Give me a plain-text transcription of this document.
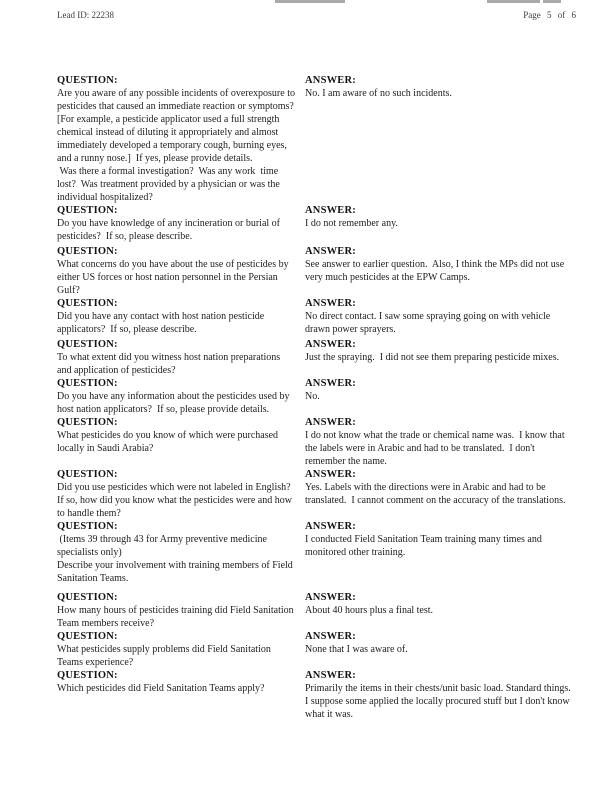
Lead ID: 22238	Page 5 of 6
QUESTION:

Are you aware of any possible incidents of overexposure to pesticides that caused an immediate reaction or symptoms?  [For example, a pesticide applicator used a full strength chemical instead of diluting it appropriately and almost immediately developed a temporary cough, burning eyes, and a runny nose.]  If yes, please provide details.

Was there a formal investigation?  Was any work  time lost?  Was treatment provided by a physician or was the individual hospitalized?

ANSWER:

No. I am aware of no such incidents.

QUESTION:

Do you have knowledge of any incineration or burial of pesticides?  If so, please describe.

ANSWER:

I do not remember any.

QUESTION:

What concerns do you have about the use of pesticides by either US forces or host nation personnel in the Persian Gulf?

ANSWER:

See answer to earlier question.  Also, I think the MPs did not use very much pesticides at the EPW Camps.

QUESTION:

Did you have any contact with host nation pesticide applicators?  If so, please describe.

ANSWER:

No direct contact. I saw some spraying going on with vehicle drawn power sprayers.

QUESTION:

To what extent did you witness host nation preparations and application of pesticides?

ANSWER:

Just the spraying.  I did not see them preparing pesticide mixes.

QUESTION:

Do you have any information about the pesticides used by host nation applicators?  If so, please provide details.

ANSWER:

No.

QUESTION:

What pesticides do you know of which were purchased locally in Saudi Arabia?

ANSWER:

I do not know what the trade or chemical name was.  I know that the labels were in Arabic and had to be translated.  I don't remember the name.

QUESTION:

Did you use pesticides which were not labeled in English?  If so, how did you know what the pesticides were and how to handle them?

ANSWER:

Yes. Labels with the directions were in Arabic and had to be translated.  I cannot comment on the accuracy of the translations.

QUESTION:

(Items 39 through 43 for Army preventive medicine specialists only)

Describe your involvement with training members of Field Sanitation Teams.

ANSWER:

I conducted Field Sanitation Team training many times and monitored other training.

QUESTION:

How many hours of pesticides training did Field Sanitation Team members receive?

ANSWER:

About 40 hours plus a final test.

QUESTION:

What pesticides supply problems did Field Sanitation Teams experience?

ANSWER:

None that I was aware of.

QUESTION:

Which pesticides did Field Sanitation Teams apply?

ANSWER:

Primarily the items in their chests/unit basic load. Standard things.  I suppose some applied the locally procured stuff but I don't know what it was.
